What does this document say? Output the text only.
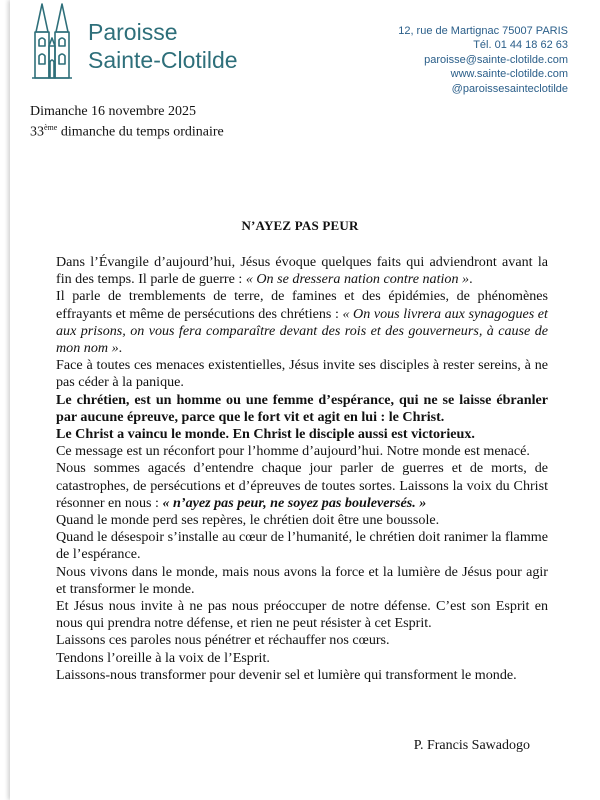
Paroisse
Sainte-Clotilde
12, rue de Martignac 75007 PARIS
Tél. 01 44 18 62 63
paroisse@sainte-clotilde.com
www.sainte-clotilde.com
@paroissesainteclotilde
Dimanche 16 novembre 2025
33ème dimanche du temps ordinaire
N’AYEZ PAS PEUR

Dans l’Évangile d’aujourd’hui, Jésus évoque quelques faits qui adviendront avant la fin des temps. Il parle de guerre : « On se dressera nation contre nation ».

Il parle de tremblements de terre, de famines et des épidémies, de phénomènes effrayants et même de persécutions des chrétiens : « On vous livrera aux synagogues et aux prisons, on vous fera comparaître devant des rois et des gouverneurs, à cause de mon nom ».

Face à toutes ces menaces existentielles, Jésus invite ses disciples à rester sereins, à ne pas céder à la panique.

Le chrétien, est un homme ou une femme d’espérance, qui ne se laisse ébranler par aucune épreuve, parce que le fort vit et agit en lui : le Christ.

Le Christ a vaincu le monde. En Christ le disciple aussi est victorieux.

Ce message est un réconfort pour l’homme d’aujourd’hui. Notre monde est menacé.

Nous sommes agacés d’entendre chaque jour parler de guerres et de morts, de catastrophes, de persécutions et d’épreuves de toutes sortes. Laissons la voix du Christ résonner en nous : « n’ayez pas peur, ne soyez pas bouleversés. »

Quand le monde perd ses repères, le chrétien doit être une boussole.

Quand le désespoir s’installe au cœur de l’humanité, le chrétien doit ranimer la flamme de l’espérance.

Nous vivons dans le monde, mais nous avons la force et la lumière de Jésus pour agir et transformer le monde.

Et Jésus nous invite à ne pas nous préoccuper de notre défense. C’est son Esprit en nous qui prendra notre défense, et rien ne peut résister à cet Esprit.

Laissons ces paroles nous pénétrer et réchauffer nos cœurs.

Tendons l’oreille à la voix de l’Esprit.

Laissons-nous transformer pour devenir sel et lumière qui transforment le monde.

P. Francis Sawadogo
